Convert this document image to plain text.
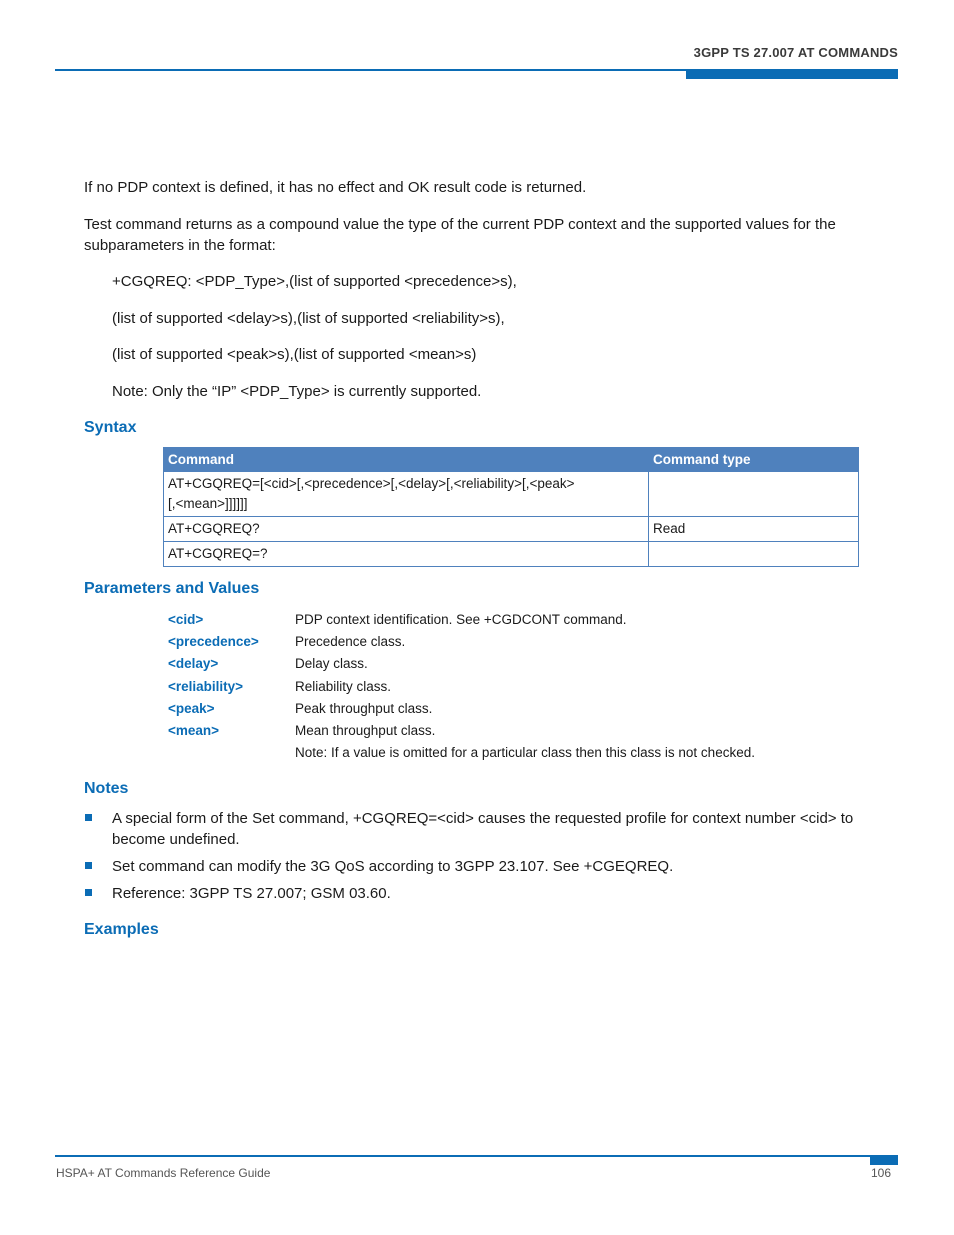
3GPP TS 27.007 AT COMMANDS

If no PDP context is defined, it has no effect and OK result code is returned.

Test command returns as a compound value the type of the current PDP context and the supported values for the

subparameters in the format:

+CGQREQ: <PDP_Type>,(list of supported <precedence>s),

(list of supported <delay>s),(list of supported <reliability>s),

(list of supported <peak>s),(list of supported <mean>s)

Note: Only the “IP” <PDP_Type> is currently supported.

Syntax
Command	Command type
AT+CGQREQ=[<cid>[,<precedence>[,<delay>[,<reliability>[,<peak>
[,<mean>]]]]]]	
AT+CGQREQ?	Read
AT+CGQREQ=?	
Parameters and Values
<cid>	PDP context identification. See +CGDCONT command.
<precedence>	Precedence class.
<delay>	Delay class.
<reliability>	Reliability class.
<peak>	Peak throughput class.
<mean>	Mean throughput class.
Note: If a value is omitted for a particular class then this class is not checked.
Notes
A special form of the Set command, +CGQREQ=<cid> causes the requested profile for context number <cid> to become undefined.
Set command can modify the 3G QoS according to 3GPP 23.107. See +CGEQREQ.
Reference: 3GPP TS 27.007; GSM 03.60.
Examples
HSPA+ AT Commands Reference Guide	106
